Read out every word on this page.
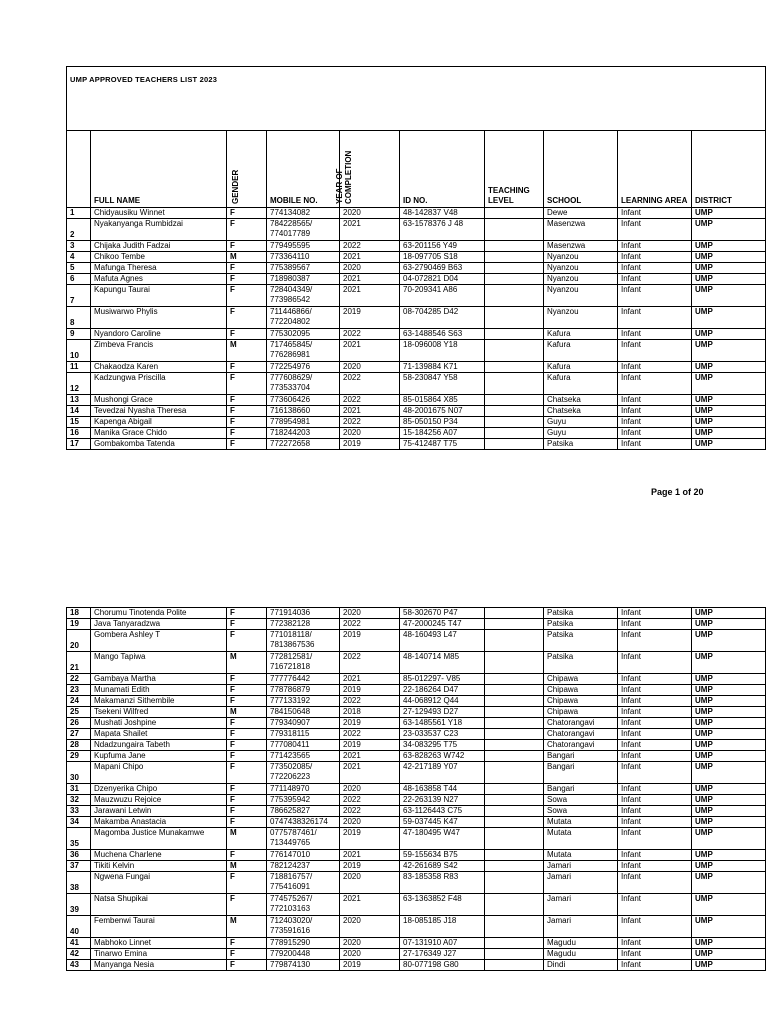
UMP APPROVED TEACHERS LIST 2023									
	FULL NAME	GENDER	MOBILE NO.	YEAR OF COMPLETION	ID NO.	TEACHING LEVEL	SCHOOL	LEARNING AREA	DISTRICT
1	Chidyausiku Winnet	F	774134082	2020	48-142837 V48		Dewe	Infant	UMP
2	Nyakanyanga Rumbidzai	F	784228565/ 774017789	2021	63-1578376 J 48		Masenzwa	Infant	UMP
3	Chijaka Judith Fadzai	F	779495595	2022	63-201156 Y49		Masenzwa	Infant	UMP
4	Chikoo Tembe	M	773364110	2021	18-097705 S18		Nyanzou	Infant	UMP
5	Mafunga Theresa	F	775389567	2020	63-2790469 B63		Nyanzou	Infant	UMP
6	Mafuta Agnes	F	718980387	2021	04-072821 D04		Nyanzou	Infant	UMP
7	Kapungu Taurai	F	728404349/ 773986542	2021	70-209341 A86		Nyanzou	Infant	UMP
8	Musiwarwo Phylis	F	711446866/ 772204802	2019	08-704285 D42		Nyanzou	Infant	UMP
9	Nyandoro Caroline	F	775302095	2022	63-1488546 S63		Kafura	Infant	UMP
10	Zimbeva Francis	M	717465845/ 776286981	2021	18-096008 Y18		Kafura	Infant	UMP
11	Chakaodza Karen	F	772254976	2020	71-139884 K71		Kafura	Infant	UMP
12	Kadzungwa Priscilla	F	777608629/ 773533704	2022	58-230847 Y58		Kafura	Infant	UMP
13	Mushongi Grace	F	773606426	2022	85-015864 X85		Chatseka	Infant	UMP
14	Tevedzai Nyasha Theresa	F	716138660	2021	48-2001675 N07		Chatseka	Infant	UMP
15	Kapenga Abigail	F	778954981	2022	85-050150 P34		Guyu	Infant	UMP
16	Manika Grace Chido	F	718244203	2020	15-184256 A07		Guyu	Infant	UMP
17	Gombakomba Tatenda	F	772272658	2019	75-412487 T75		Patsika	Infant	UMP
Page 1 of 20
18	Chorumu Tinotenda Polite	F	771914036	2020	58-302670 P47		Patsika	Infant	UMP
19	Java Tanyaradzwa	F	772382128	2022	47-2000245 T47		Patsika	Infant	UMP
20	Gombera Ashley T	F	771018118/ 7813867536	2019	48-160493 L47		Patsika	Infant	UMP
21	Mango Tapiwa	M	772812581/ 716721818	2022	48-140714 M85		Patsika	Infant	UMP
22	Gambaya Martha	F	777776442	2021	85-012297- V85		Chipawa	Infant	UMP
23	Munamati Edith	F	778786879	2019	22-186264 D47		Chipawa	Infant	UMP
24	Makamanzi Sithembile	F	777133192	2022	44-068912 Q44		Chipawa	Infant	UMP
25	Tsekeni Wilfred	M	784150648	2018	27-129493 D27		Chipawa	Infant	UMP
26	Mushati Joshpine	F	779340907	2019	63-1485561 Y18		Chatorangavi	Infant	UMP
27	Mapata Shailet	F	779318115	2022	23-033537 C23		Chatorangavi	Infant	UMP
28	Ndadzungaira Tabeth	F	777080411	2019	34-083295 T75		Chatorangavi	Infant	UMP
29	Kupfuma Jane	F	771423565	2021	63-828263 W742		Bangari	Infant	UMP
30	Mapani Chipo	F	773502085/ 772206223	2021	42-217189 Y07		Bangari	Infant	UMP
31	Dzenyerika Chipo	F	771148970	2020	48-163858 T44		Bangari	Infant	UMP
32	Mauzwuzu Rejoice	F	775395942	2022	22-263139 N27		Sowa	Infant	UMP
33	Jarawani Letwin	F	786625827	2022	63-1126443 C75		Sowa	Infant	UMP
34	Makamba Anastacia	F	0747438326174	2020	59-037445 K47		Mutata	Infant	UMP
35	Magomba Justice Munakamwe	M	0775787461/ 713449765	2019	47-180495 W47		Mutata	Infant	UMP
36	Muchena Charlene	F	776147010	2021	59-155634 B75		Mutata	Infant	UMP
37	Tikiti Kelvin	M	782124237	2019	42-261689 S42		Jamari	Infant	UMP
38	Ngwena Fungai	F	718816757/ 775416091	2020	83-185358 R83		Jamari	Infant	UMP
39	Natsa Shupikai	F	774575267/ 772103163	2021	63-1363852 F48		Jamari	Infant	UMP
40	Fembenwi Taurai	M	712403020/ 773591616	2020	18-085185 J18		Jamari	Infant	UMP
41	Mabhoko Linnet	F	778915290	2020	07-131910 A07		Magudu	Infant	UMP
42	Tinarwo Emina	F	779200448	2020	27-176349 J27		Magudu	Infant	UMP
43	Manyanga Nesia	F	779874130	2019	80-077198 G80		Dindi	Infant	UMP
